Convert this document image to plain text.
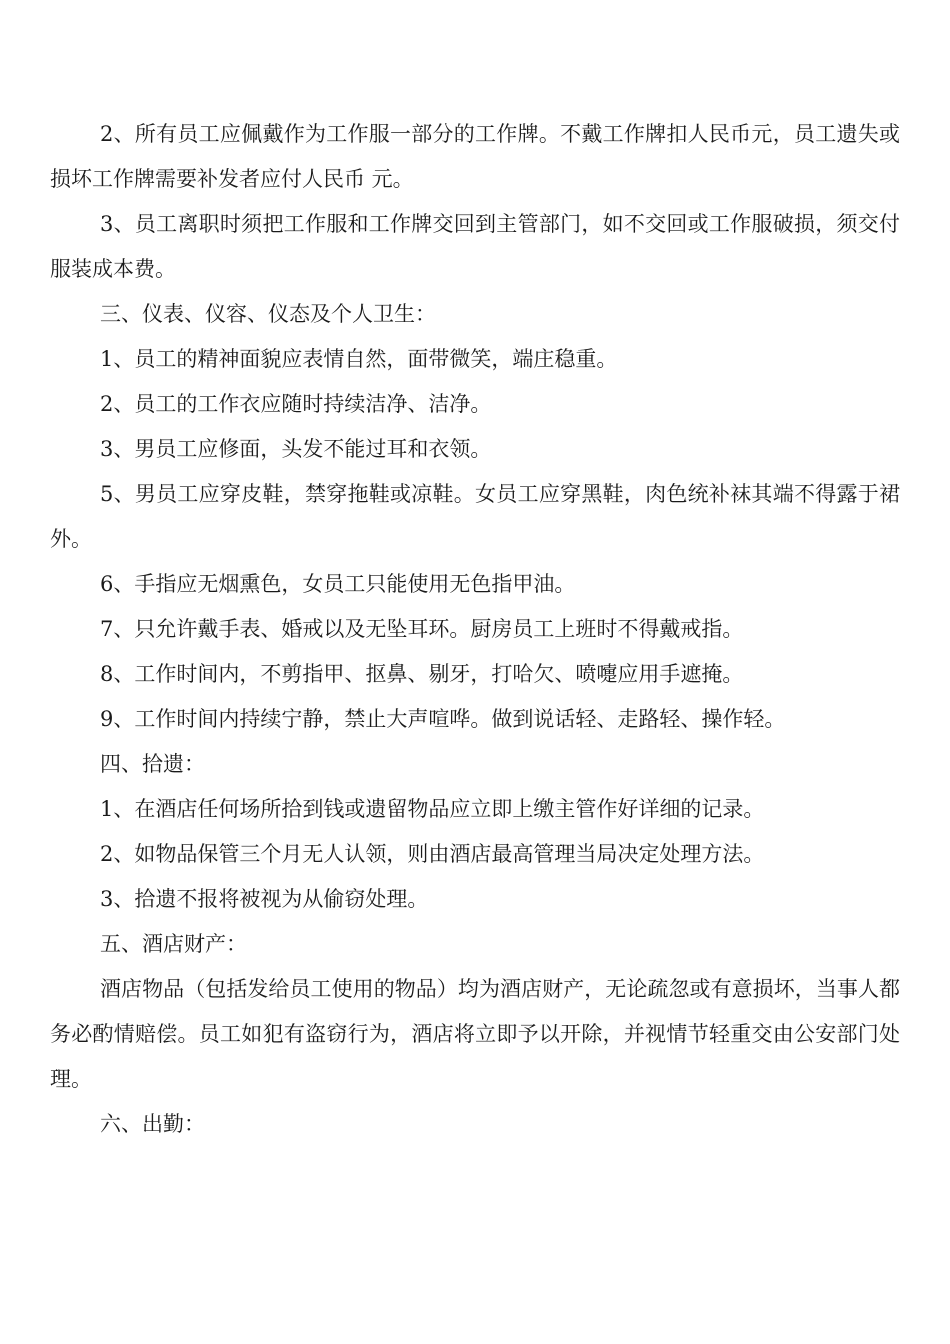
2、所有员工应佩戴作为工作服一部分的工作牌。不戴工作牌扣人民币元，员工遗失或损坏工作牌需要补发者应付人民币 元。

3、员工离职时须把工作服和工作牌交回到主管部门，如不交回或工作服破损，须交付服装成本费。

三、仪表、仪容、仪态及个人卫生：

1、员工的精神面貌应表情自然，面带微笑，端庄稳重。

2、员工的工作衣应随时持续洁净、洁净。

3、男员工应修面，头发不能过耳和衣领。

5、男员工应穿皮鞋，禁穿拖鞋或凉鞋。女员工应穿黑鞋，肉色统补袜其端不得露于裙外。

6、手指应无烟熏色，女员工只能使用无色指甲油。

7、只允许戴手表、婚戒以及无坠耳环。厨房员工上班时不得戴戒指。

8、工作时间内，不剪指甲、抠鼻、剔牙，打哈欠、喷嚏应用手遮掩。

9、工作时间内持续宁静，禁止大声喧哗。做到说话轻、走路轻、操作轻。

四、拾遗：

1、在酒店任何场所拾到钱或遗留物品应立即上缴主管作好详细的记录。

2、如物品保管三个月无人认领，则由酒店最高管理当局决定处理方法。

3、拾遗不报将被视为从偷窃处理。

五、酒店财产：

酒店物品（包括发给员工使用的物品）均为酒店财产，无论疏忽或有意损坏，当事人都务必酌情赔偿。员工如犯有盗窃行为，酒店将立即予以开除，并视情节轻重交由公安部门处理。

六、出勤：
